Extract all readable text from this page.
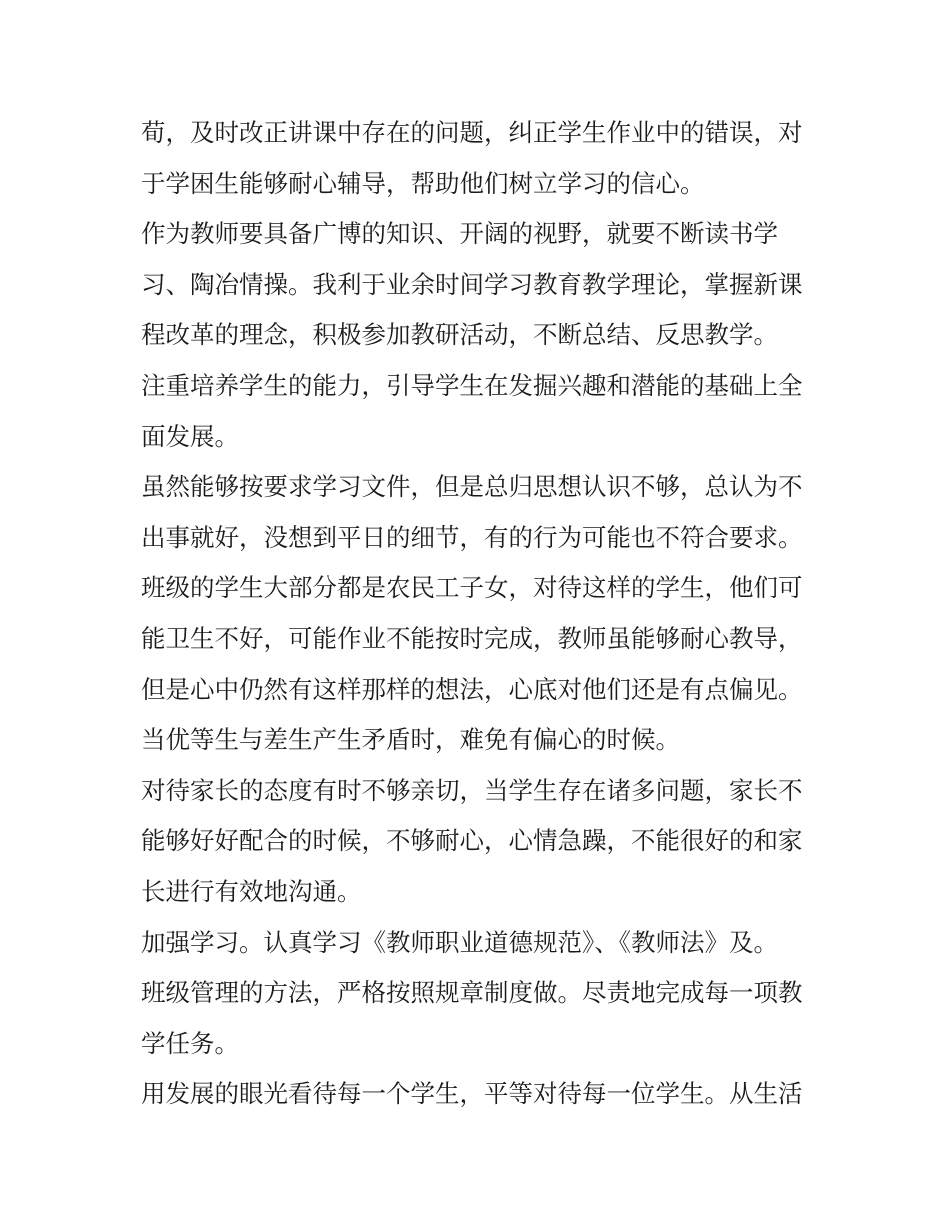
荀，及时改正讲课中存在的问题，纠正学生作业中的错误，对
于学困生能够耐心辅导，帮助他们树立学习的信心。
作为教师要具备广博的知识、开阔的视野，就要不断读书学
习、陶冶情操。我利于业余时间学习教育教学理论，掌握新课
程改革的理念，积极参加教研活动，不断总结、反思教学。
注重培养学生的能力，引导学生在发掘兴趣和潜能的基础上全
面发展。
虽然能够按要求学习文件，但是总归思想认识不够，总认为不
出事就好，没想到平日的细节，有的行为可能也不符合要求。
班级的学生大部分都是农民工子女，对待这样的学生，他们可
能卫生不好，可能作业不能按时完成，教师虽能够耐心教导，
但是心中仍然有这样那样的想法，心底对他们还是有点偏见。
当优等生与差生产生矛盾时，难免有偏心的时候。
对待家长的态度有时不够亲切，当学生存在诸多问题，家长不
能够好好配合的时候，不够耐心，心情急躁，不能很好的和家
长进行有效地沟通。
加强学习。认真学习《教师职业道德规范》、《教师法》及。
班级管理的方法，严格按照规章制度做。尽责地完成每一项教
学任务。
用发展的眼光看待每一个学生，平等对待每一位学生。从生活
